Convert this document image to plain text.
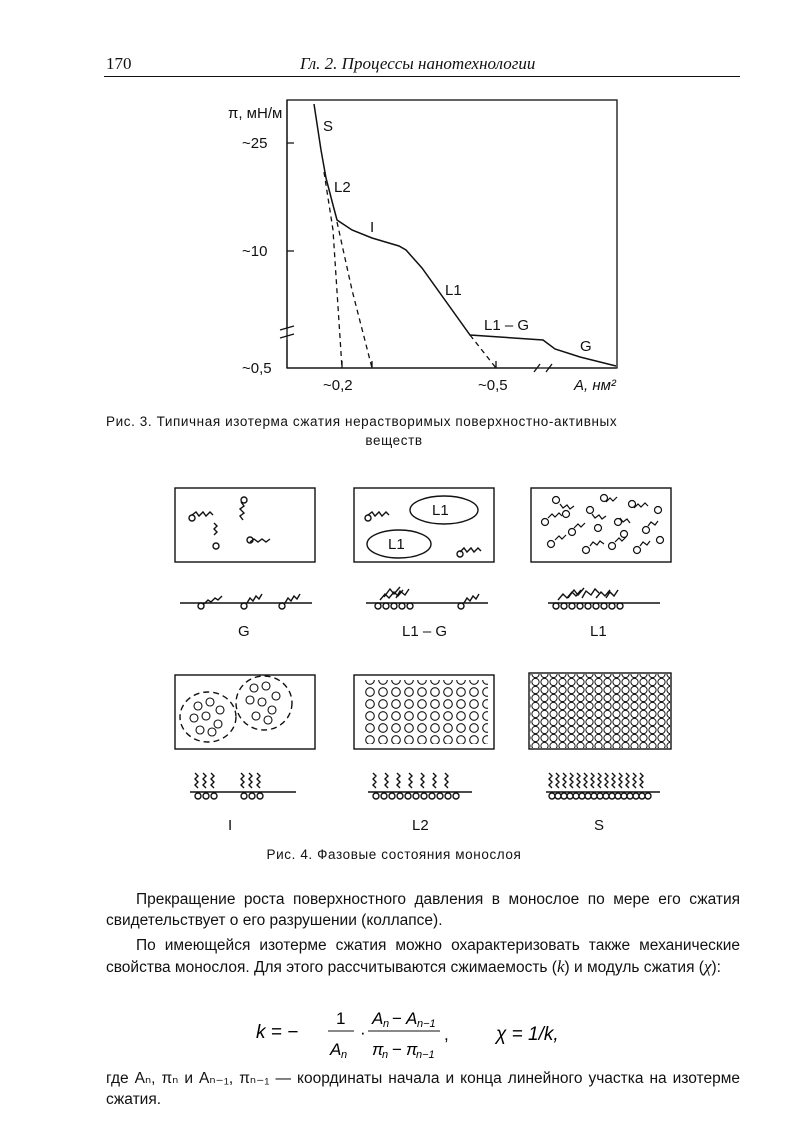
170	Гл. 2. Процессы нанотехнологии
π, мН/м
~25
~10
~0,5
~0,2	~0,5	A, нм²
S
L2
I
L1
L1 – G
G
Рис. 3. Типичная изотерма сжатия нерастворимых поверхностно-активных
веществ
L1
L1
G	L1 – G	L1
I	L2	S
Рис. 4. Фазовые состояния монослоя
Прекращение роста поверхностного давления в монослое по мере его сжатия свидетельствует о его разрушении (коллапсе).
По имеющейся изотерме сжатия можно охарактеризовать также механические свойства монослоя. Для этого рассчитываются сжимаемость (k) и модуль сжатия (χ):
k = −
1
A n
·
A n − A n−1
π
n − π
n−1
, χ = 1/k,
где Aₙ, πₙ и Aₙ₋₁, πₙ₋₁ — координаты начала и конца линейного участка на изотерме сжатия.
